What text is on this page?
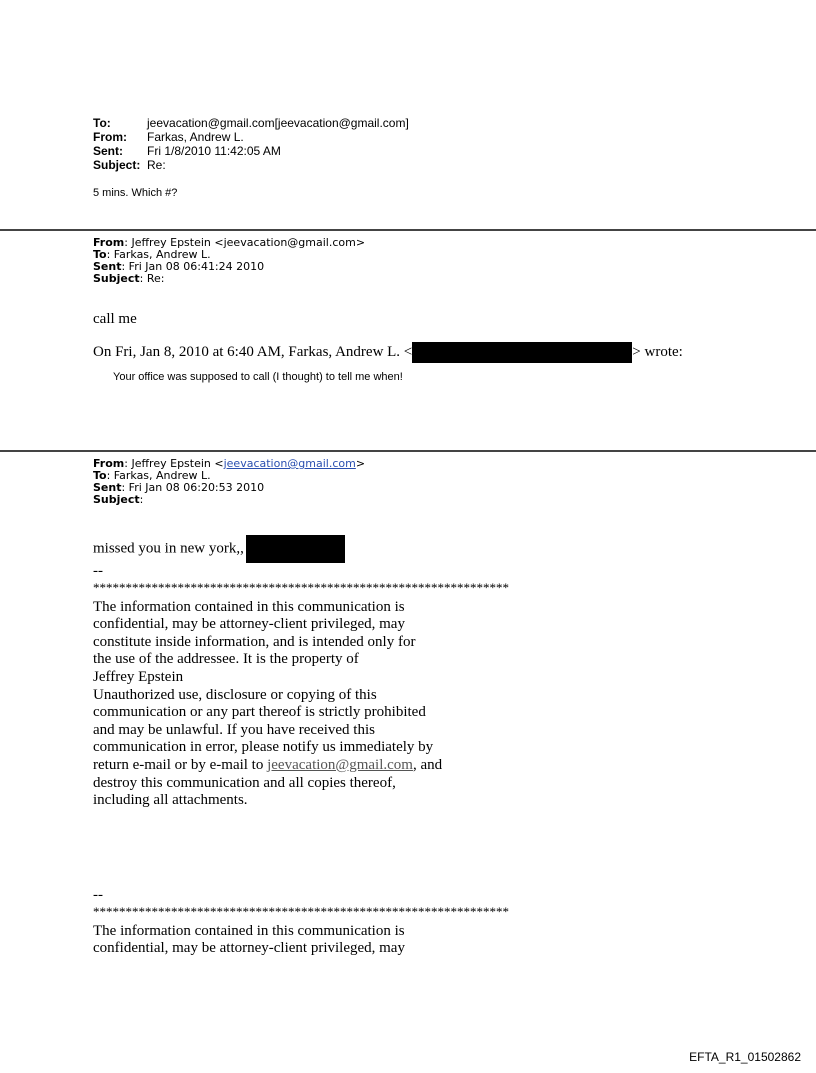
To:	jeevacation@gmail.com[jeevacation@gmail.com]
From: Farkas, Andrew L.
Sent: Fri 1/8/2010 11:42:05 AM
Subject: Re:
5 mins. Which #?
From: Jeffrey Epstein <jeevacation@gmail.com>
To: Farkas, Andrew L.
Sent: Fri Jan 08 06:41:24 2010
Subject: Re:
call me
On Fri, Jan 8, 2010 at 6:40 AM, Farkas, Andrew L. <	> wrote:
Your office was supposed to call (I thought) to tell me when!
From: Jeffrey Epstein <jeevacation@gmail.com>
To: Farkas, Andrew L.
Sent: Fri Jan 08 06:20:53 2010
Subject:
missed you in new york,,
--
****************************************************************
The information contained in this communication is
confidential, may be attorney-client privileged, may
constitute inside information, and is intended only for
the use of the addressee. It is the property of
Jeffrey Epstein
Unauthorized use, disclosure or copying of this
communication or any part thereof is strictly prohibited
and may be unlawful. If you have received this
communication in error, please notify us immediately by
return e-mail or by e-mail to jeevacation@gmail.com, and
destroy this communication and all copies thereof,
including all attachments.
--
****************************************************************
The information contained in this communication is
confidential, may be attorney-client privileged, may
EFTA_R1_01502862
